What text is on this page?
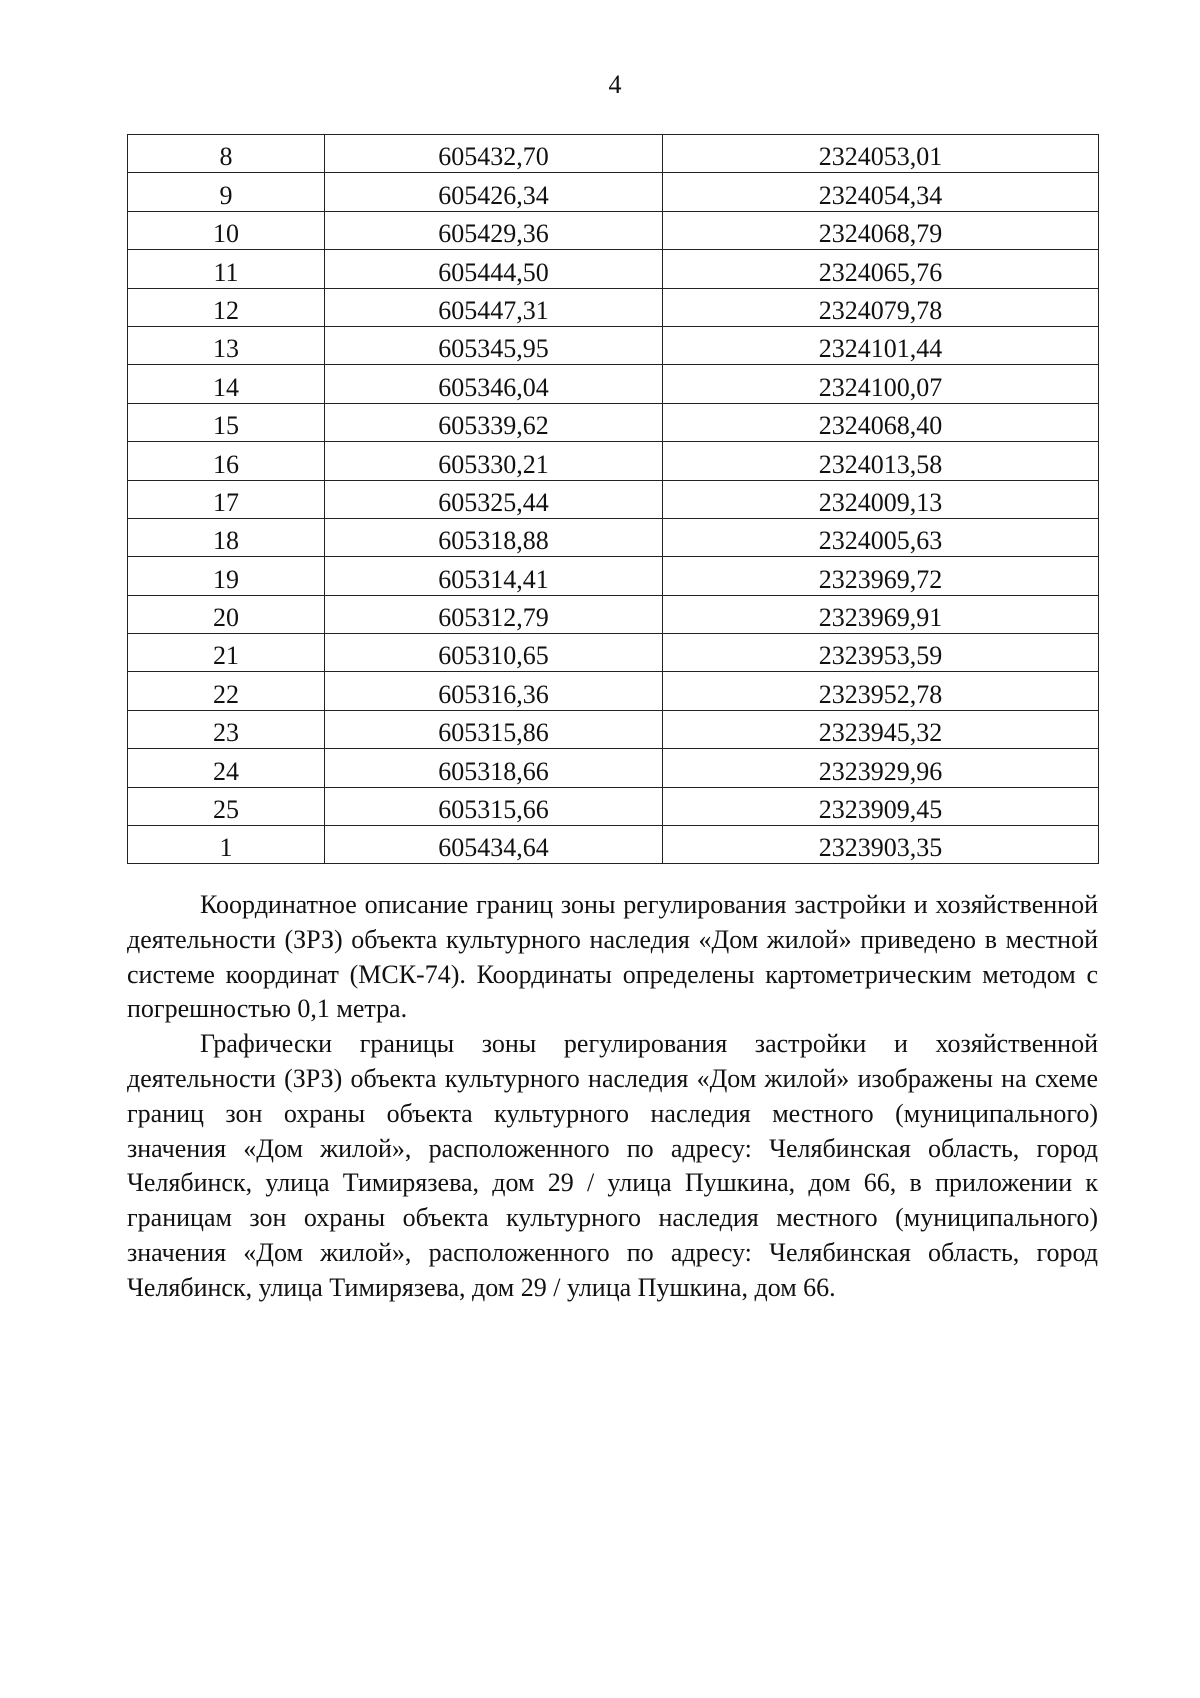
4
8	605432,70	2324053,01
9	605426,34	2324054,34
10	605429,36	2324068,79
11	605444,50	2324065,76
12	605447,31	2324079,78
13	605345,95	2324101,44
14	605346,04	2324100,07
15	605339,62	2324068,40
16	605330,21	2324013,58
17	605325,44	2324009,13
18	605318,88	2324005,63
19	605314,41	2323969,72
20	605312,79	2323969,91
21	605310,65	2323953,59
22	605316,36	2323952,78
23	605315,86	2323945,32
24	605318,66	2323929,96
25	605315,66	2323909,45
1	605434,64	2323903,35

Координатное описание границ зоны регулирования застройки и хозяйственной деятельности (ЗРЗ) объекта культурного наследия «Дом жилой» приведено в местной системе координат (МСК-74). Координаты определены картометрическим методом с погрешностью 0,1 метра.

Графически границы зоны регулирования застройки и хозяйственной деятельности (ЗРЗ) объекта культурного наследия «Дом жилой» изображены на схеме границ зон охраны объекта культурного наследия местного (муниципального) значения «Дом жилой», расположенного по адресу: Челябинская область, город Челябинск, улица Тимирязева, дом 29 / улица Пушкина, дом 66, в приложении к границам зон охраны объекта культурного наследия местного (муниципального) значения «Дом жилой», расположенного по адресу: Челябинская область, город Челябинск, улица Тимирязева, дом 29 / улица Пушкина, дом 66.
